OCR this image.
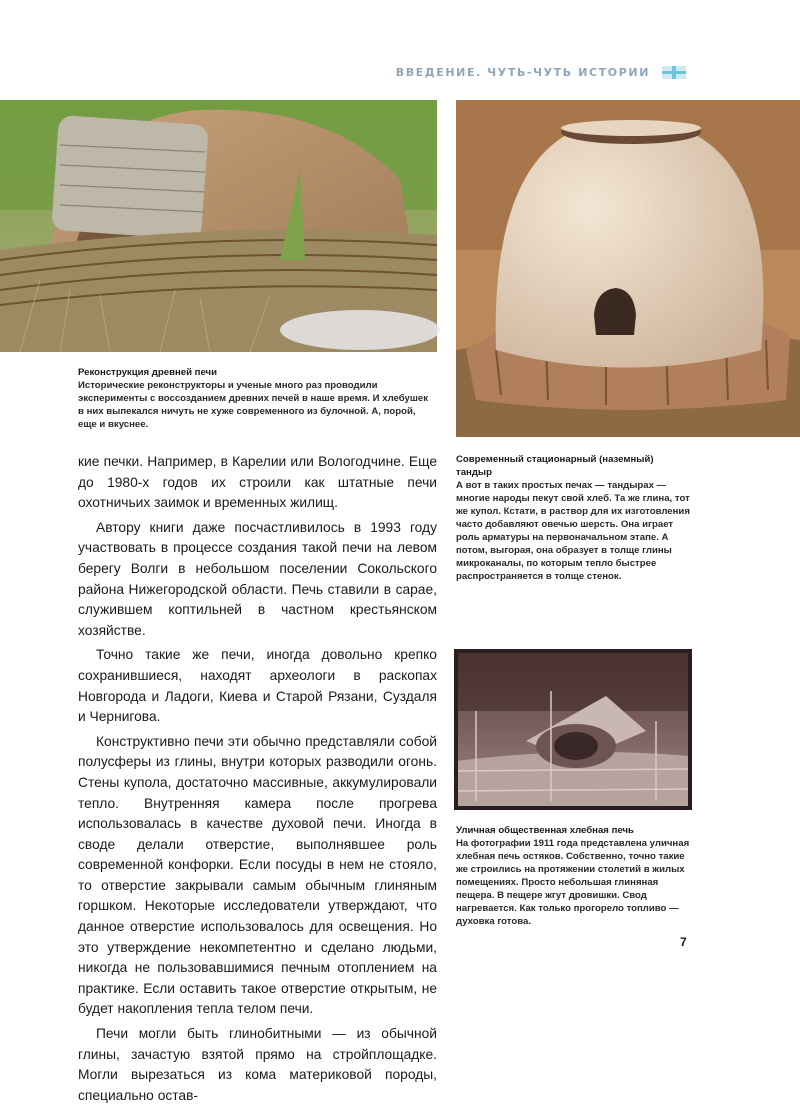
ВВЕДЕНИЕ. ЧУТЬ-ЧУТЬ ИСТОРИИ
Реконструкция древней печи
Исторические реконструкторы и ученые много раз проводили эксперименты с воссозданием древних печей в наше время. И хлебушек в них выпекался ничуть не хуже современного из булочной. А, порой, еще и вкуснее.
Современный стационарный (наземный) тандыр
А вот в таких простых печах — тандырах — многие народы пекут свой хлеб. Та же глина, тот же купол. Кстати, в раствор для их изготовления часто добавляют овечью шерсть. Она играет роль арматуры на первоначальном этапе. А потом, выгорая, она образует в толще глины микроканалы, по которым тепло быстрее распространяется в толще стенок.
Уличная общественная хлебная печь
На фотографии 1911 года представлена уличная хлебная печь остяков. Собственно, точно такие же строились на протяжении столетий в жилых помещениях. Просто небольшая глиняная пещера. В пещере жгут дровишки. Свод нагревается. Как только прогорело топливо — духовка готова.

кие печки. Например, в Карелии или Вологодчине. Еще до 1980-х годов их строили как штатные печи охотничьих заимок и временных жилищ.

Автору книги даже посчастливилось в 1993 году участвовать в процессе создания такой печи на левом берегу Волги в небольшом поселении Сокольского района Нижегородской области. Печь ставили в сарае, служившем коптильней в частном крестьянском хозяйстве.

Точно такие же печи, иногда довольно крепко сохранившиеся, находят археологи в раскопах Новгорода и Ладоги, Киева и Старой Рязани, Суздаля и Чернигова.

Конструктивно печи эти обычно представляли собой полусферы из глины, внутри которых разводили огонь. Стены купола, достаточно массивные, аккумулировали тепло. Внутренняя камера после прогрева использовалась в качестве духовой печи. Иногда в своде делали отверстие, выполнявшее роль современной конфорки. Если посуды в нем не стояло, то отверстие закрывали самым обычным глиняным горшком. Некоторые исследователи утверждают, что данное отверстие использовалось для освещения. Но это утверждение некомпетентно и сделано людьми, никогда не пользовавшимися печным отоплением на практике. Если оставить такое отверстие открытым, не будет накопления тепла телом печи.

Печи могли быть глинобитными — из обычной глины, зачастую взятой прямо на стройплощадке. Могли вырезаться из кома материковой породы, специально остав-

7
